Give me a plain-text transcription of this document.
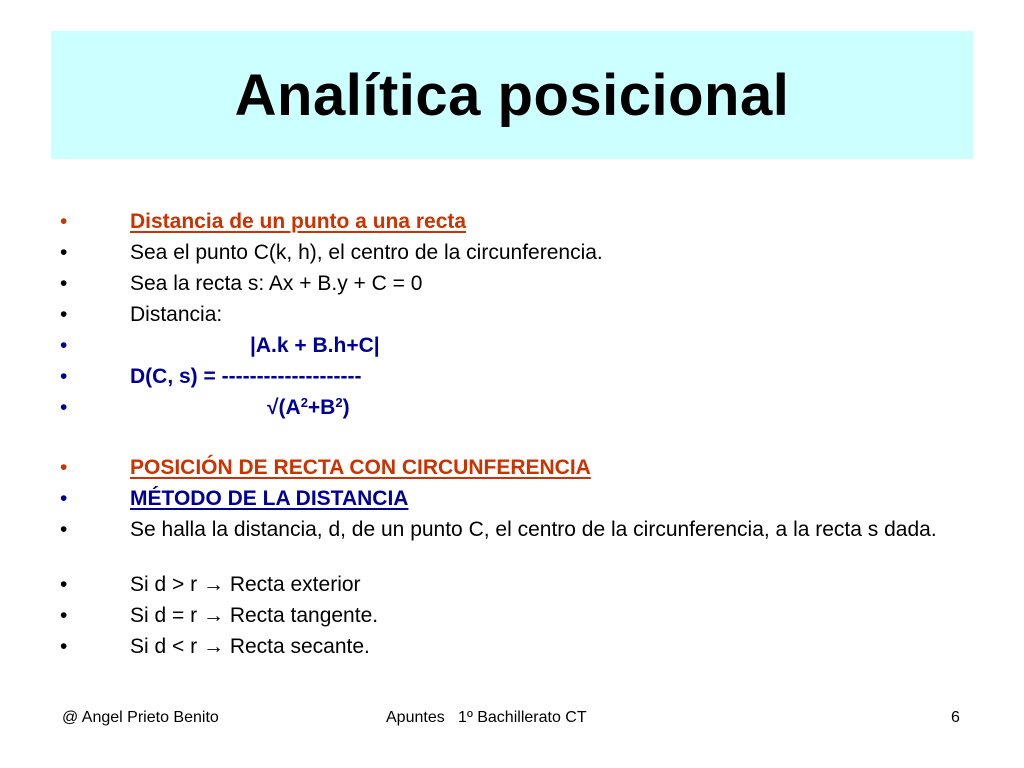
Analítica posicional
•	Distancia de un punto a una recta
•	Sea el punto C(k, h), el centro de la circunferencia.
•	Sea la recta s: Ax + B.y + C = 0
•	Distancia:
•	|A.k + B.h+C|
•	D(C, s) = --------------------
•	$√(A^2+B^2)$
•	POSICIÓN DE RECTA CON CIRCUNFERENCIA
•	MÉTODO DE LA DISTANCIA
•	Se halla la distancia, d, de un punto C, el centro de la circunferencia, a la recta s dada.
•	Si d > r → Recta exterior
•	Si d = r → Recta tangente.
•	Si d < r → Recta secante.
@ Angel Prieto Benito	Apuntes   1º Bachillerato CT	6
